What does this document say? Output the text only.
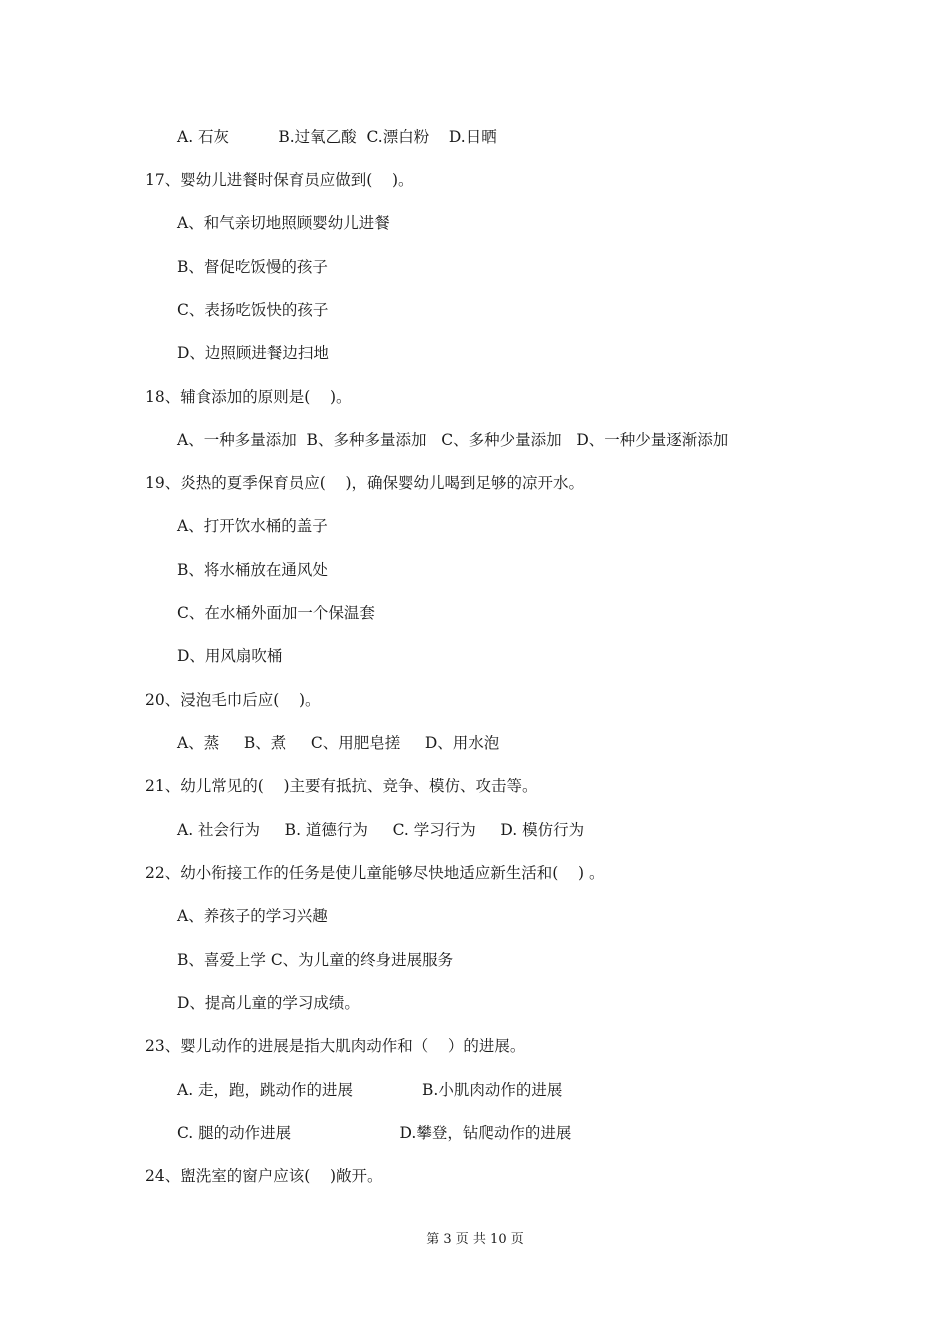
A. 石灰          B.过氧乙酸  C.漂白粉    D.日晒
17、婴幼儿进餐时保育员应做到(    )。
A、和气亲切地照顾婴幼儿进餐
B、督促吃饭慢的孩子
C、表扬吃饭快的孩子
D、边照顾进餐边扫地
18、辅食添加的原则是(    )。
A、一种多量添加  B、多种多量添加   C、多种少量添加   D、一种少量逐渐添加
19、炎热的夏季保育员应(    )，确保婴幼儿喝到足够的凉开水。
A、打开饮水桶的盖子
B、将水桶放在通风处
C、在水桶外面加一个保温套
D、用风扇吹桶
20、浸泡毛巾后应(    )。
A、蒸     B、煮     C、用肥皂搓     D、用水泡
21、幼儿常见的(    )主要有抵抗、竞争、模仿、攻击等。
A. 社会行为     B. 道德行为     C. 学习行为     D. 模仿行为
22、幼小衔接工作的任务是使儿童能够尽快地适应新生活和(    ) 。
A、养孩子的学习兴趣
B、喜爱上学 C、为儿童的终身进展服务
D、提高儿童的学习成绩。
23、婴儿动作的进展是指大肌肉动作和（    ）的进展。
A. 走，跑，跳动作的进展              B.小肌肉动作的进展
C. 腿的动作进展                      D.攀登，钻爬动作的进展
24、盥洗室的窗户应该(    )敞开。
第 3 页 共 10 页
